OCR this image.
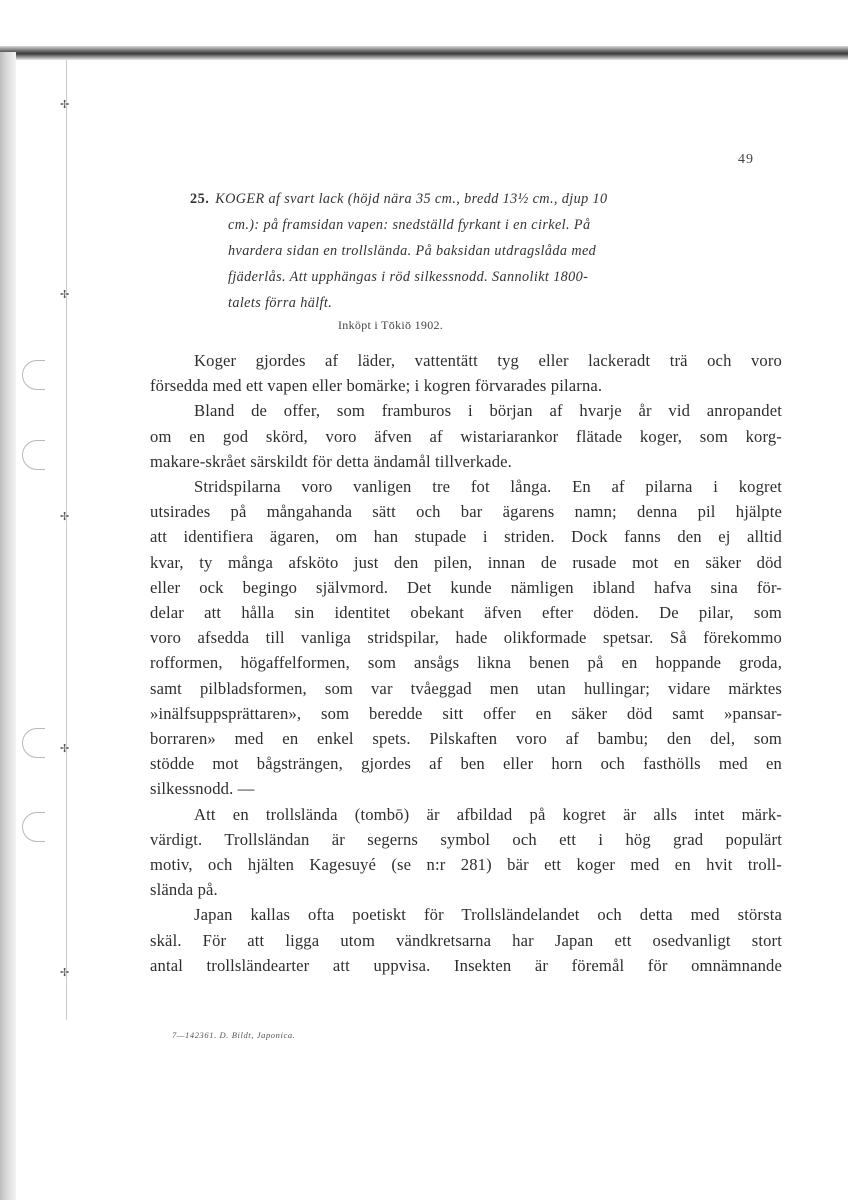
✢
✢
✢
✢
✢
49
25. KOGER af svart lack (höjd nära 35 cm., bredd 13½ cm., djup 10
cm.): på framsidan vapen: snedställd fyrkant i en cirkel. På
hvardera sidan en trollslända. På baksidan utdragslåda med
fjäderlås. Att upphängas i röd silkessnodd. Sannolikt 1800-
talets förra hälft.
Inköpt i Tōkiō 1902.
Koger gjordes af läder, vattentätt tyg eller lackeradt trä och voro
försedda med ett vapen eller bomärke; i kogren förvarades pilarna.
Bland de offer, som framburos i början af hvarje år vid anropandet
om en god skörd, voro äfven af wistariarankor flätade koger, som korg-
makare-skrået särskildt för detta ändamål tillverkade.
Stridspilarna voro vanligen tre fot långa. En af pilarna i kogret
utsirades på mångahanda sätt och bar ägarens namn; denna pil hjälpte
att identifiera ägaren, om han stupade i striden. Dock fanns den ej alltid
kvar, ty många afsköto just den pilen, innan de rusade mot en säker död
eller ock begingo självmord. Det kunde nämligen ibland hafva sina för-
delar att hålla sin identitet obekant äfven efter döden. De pilar, som
voro afsedda till vanliga stridspilar, hade olikformade spetsar. Så förekommo
rofformen, högaffelformen, som ansågs likna benen på en hoppande groda,
samt pilbladsformen, som var tvåeggad men utan hullingar; vidare märktes
»inälfsuppsprättaren», som beredde sitt offer en säker död samt »pansar-
borraren» med en enkel spets. Pilskaften voro af bambu; den del, som
stödde mot bågsträngen, gjordes af ben eller horn och fasthölls med en
silkessnodd. —
Att en trollslända (tombō) är afbildad på kogret är alls intet märk-
värdigt. Trollsländan är segerns symbol och ett i hög grad populärt
motiv, och hjälten Kagesuyé (se n:r 281) bär ett koger med en hvit troll-
slända på.
Japan kallas ofta poetiskt för Trollsländelandet och detta med största
skäl. För att ligga utom vändkretsarna har Japan ett osedvanligt stort
antal trollsländearter att uppvisa. Insekten är föremål för omnämnande
7—142361. D. Bildt, Japonica.
